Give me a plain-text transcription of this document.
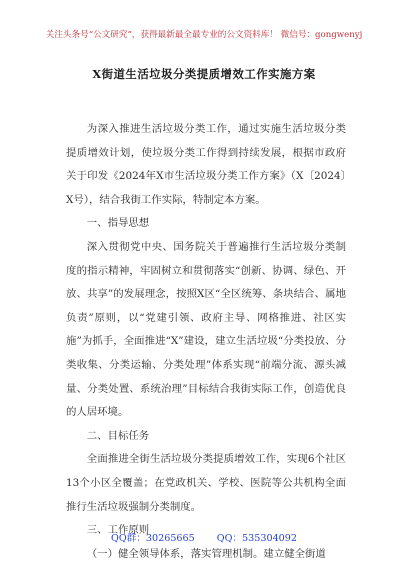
关注头条号“公文研究”，获得最新最全最专业的公文资料库！ 微信号：gongwenyj
X街道生活垃圾分类提质增效工作实施方案

为深入推进生活垃圾分类工作，通过实施生活垃圾分类提质增效计划，使垃圾分类工作得到持续发展，根据市政府关于印发《2024年X市生活垃圾分类工作方案》（X〔2024〕X号），结合我街工作实际，特制定本方案。

一、指导思想

深入贯彻党中央、国务院关于普遍推行生活垃圾分类制度的指示精神，牢固树立和贯彻落实“创新、协调、绿色、开放、共享”的发展理念，按照X区“全区统筹、条块结合、属地负责”原则，以“党建引领、政府主导、网格推进、社区实施”为抓手，全面推进“X”建设，建立生活垃圾“分类投放、分类收集、分类运输、分类处理”体系实现“前端分流、源头减量、分类处置、系统治理”目标结合我街实际工作，创造优良的人居环境。

二、目标任务

全面推进全街生活垃圾分类提质增效工作，实现6个社区13个小区全覆盖；在党政机关、学校、医院等公共机构全面推行生活垃圾强制分类制度。

三、工作原则

（一）健全领导体系，落实管理机制。建立健全街道

QQ群：30265665 QQ：535304092
